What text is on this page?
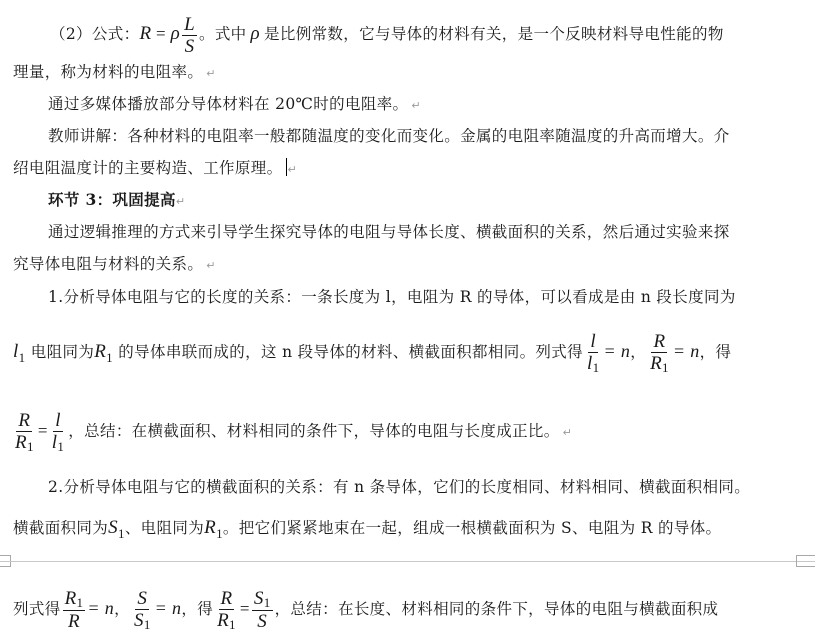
（2）公式：R = ρ $\frac{L}{S}$ 。式中 ρ 是比例常数，它与导体的材料有关，是一个反映材料导电性能的物
理量，称为材料的电阻率。 ↵
通过多媒体播放部分导体材料在 20℃时的电阻率。 ↵
教师讲解：各种材料的电阻率一般都随温度的变化而变化。金属的电阻率随温度的升高而增大。介
绍电阻温度计的主要构造、工作原理。 ↵
环节 3：巩固提高↵
通过逻辑推理的方式来引导学生探究导体的电阻与导体长度、横截面积的关系，然后通过实验来探
究导体电阻与材料的关系。 ↵
1.分析导体电阻与它的长度的关系：一条长度为 l，电阻为 R 的导体，可以看成是由 n 段长度同为
$l_1$ 电阻同为$R_1$ 的导体串联而成的，这 n 段导体的材料、横截面积都相同。列式得 $\frac{l}{l1} = n$， $\frac{R}{R1} = n$，得
$\frac{R}{R1} = \frac{l}{l1}$ ，总结：在横截面积、材料相同的条件下，导体的电阻与长度成正比。 ↵
2.分析导体电阻与它的横截面积的关系：有 n 条导体，它们的长度相同、材料相同、横截面积相同。
横截面积同为$S_1$、电阻同为$R_1$。把它们紧紧地束在一起，组成一根横截面积为 S、电阻为 R 的导体。
列式得 $\frac{R1}{R} = n$， $\frac{S}{S1} = n$，得 $\frac{R}{R1} = \frac{S1}{S}$ ，总结：在长度、材料相同的条件下，导体的电阻与横截面积成
